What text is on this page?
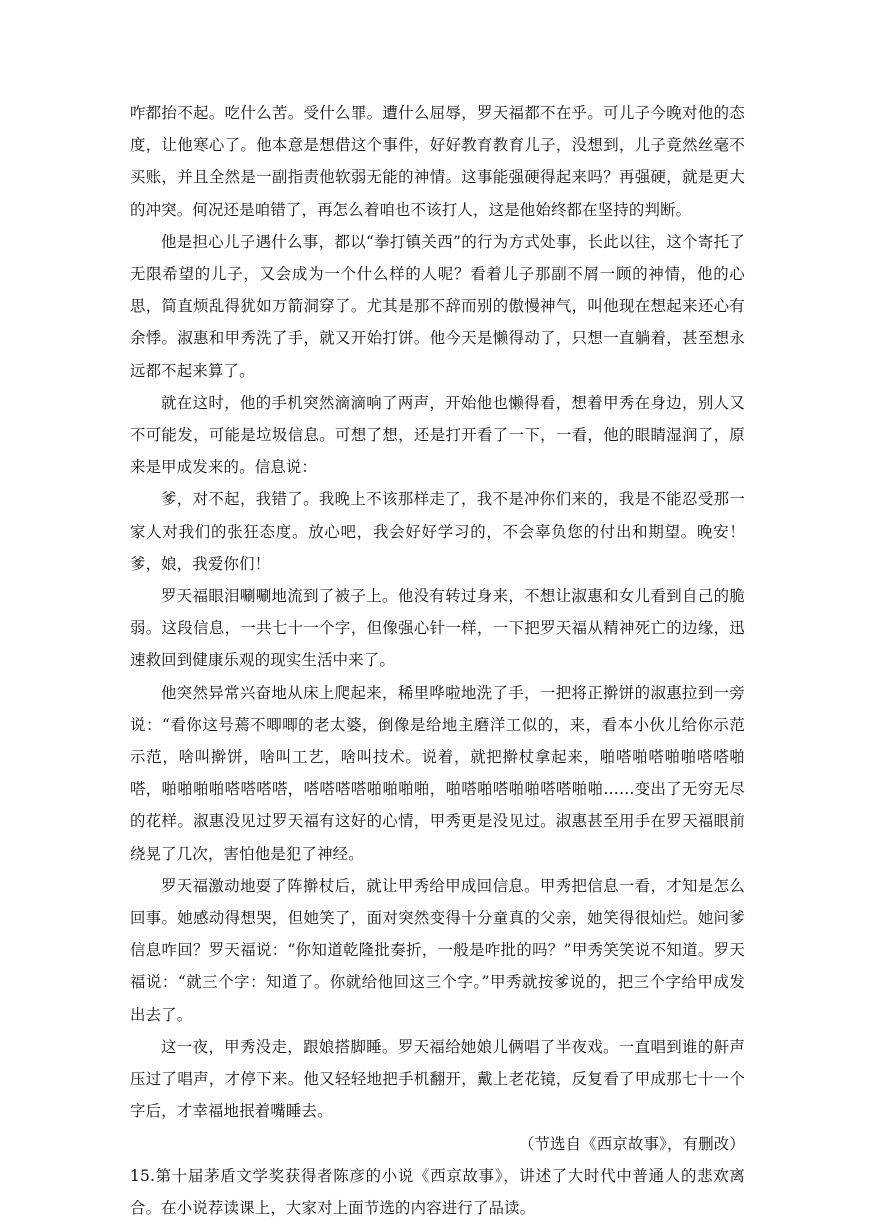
咋都抬不起。吃什么苦。受什么罪。遭什么屈辱，罗天福都不在乎。可儿子今晚对他的态度，让他寒心了。他本意是想借这个事件，好好教育教育儿子，没想到，儿子竟然丝毫不买账，并且全然是一副指责他软弱无能的神情。这事能强硬得起来吗？再强硬，就是更大的冲突。何况还是咱错了，再怎么着咱也不该打人，这是他始终都在坚持的判断。

他是担心儿子遇什么事，都以“拳打镇关西”的行为方式处事，长此以往，这个寄托了无限希望的儿子，又会成为一个什么样的人呢？看着儿子那副不屑一顾的神情，他的心思，简直烦乱得犹如万箭洞穿了。尤其是那不辞而别的傲慢神气，叫他现在想起来还心有余悸。淑惠和甲秀洗了手，就又开始打饼。他今天是懒得动了，只想一直躺着，甚至想永远都不起来算了。

就在这时，他的手机突然滴滴响了两声，开始他也懒得看，想着甲秀在身边，别人又不可能发，可能是垃圾信息。可想了想，还是打开看了一下，一看，他的眼睛湿润了，原来是甲成发来的。信息说：

爹，对不起，我错了。我晚上不该那样走了，我不是冲你们来的，我是不能忍受那一家人对我们的张狂态度。放心吧，我会好好学习的，不会辜负您的付出和期望。晚安！爹，娘，我爱你们！

罗天福眼泪唰唰地流到了被子上。他没有转过身来，不想让淑惠和女儿看到自己的脆弱。这段信息，一共七十一个字，但像强心针一样，一下把罗天福从精神死亡的边缘，迅速救回到健康乐观的现实生活中来了。

他突然异常兴奋地从床上爬起来，稀里哗啦地洗了手，一把将正擀饼的淑惠拉到一旁说：“看你这号蔫不唧唧的老太婆，倒像是给地主磨洋工似的，来，看本小伙儿给你示范示范，啥叫擀饼，啥叫工艺，啥叫技术。说着，就把擀杖拿起来，啪嗒啪嗒啪啪嗒嗒啪嗒，啪啪啪啪嗒嗒嗒嗒，嗒嗒嗒嗒啪啪啪啪，啪嗒啪嗒啪啪嗒嗒啪啪……变出了无穷无尽的花样。淑惠没见过罗天福有这好的心情，甲秀更是没见过。淑惠甚至用手在罗天福眼前绕晃了几次，害怕他是犯了神经。

罗天福激动地耍了阵擀杖后，就让甲秀给甲成回信息。甲秀把信息一看，才知是怎么回事。她感动得想哭，但她笑了，面对突然变得十分童真的父亲，她笑得很灿烂。她问爹信息咋回？罗天福说：“你知道乾隆批奏折，一般是咋批的吗？”甲秀笑笑说不知道。罗天福说：“就三个字：知道了。你就给他回这三个字。”甲秀就按爹说的，把三个字给甲成发出去了。

这一夜，甲秀没走，跟娘搭脚睡。罗天福给她娘儿俩唱了半夜戏。一直唱到谁的鼾声压过了唱声，才停下来。他又轻轻地把手机翻开，戴上老花镜，反复看了甲成那七十一个字后，才幸福地抿着嘴睡去。

（节选自《西京故事》，有删改）

15.第十届茅盾文学奖获得者陈彦的小说《西京故事》，讲述了大时代中普通人的悲欢离合。在小说荐读课上，大家对上面节选的内容进行了品读。
